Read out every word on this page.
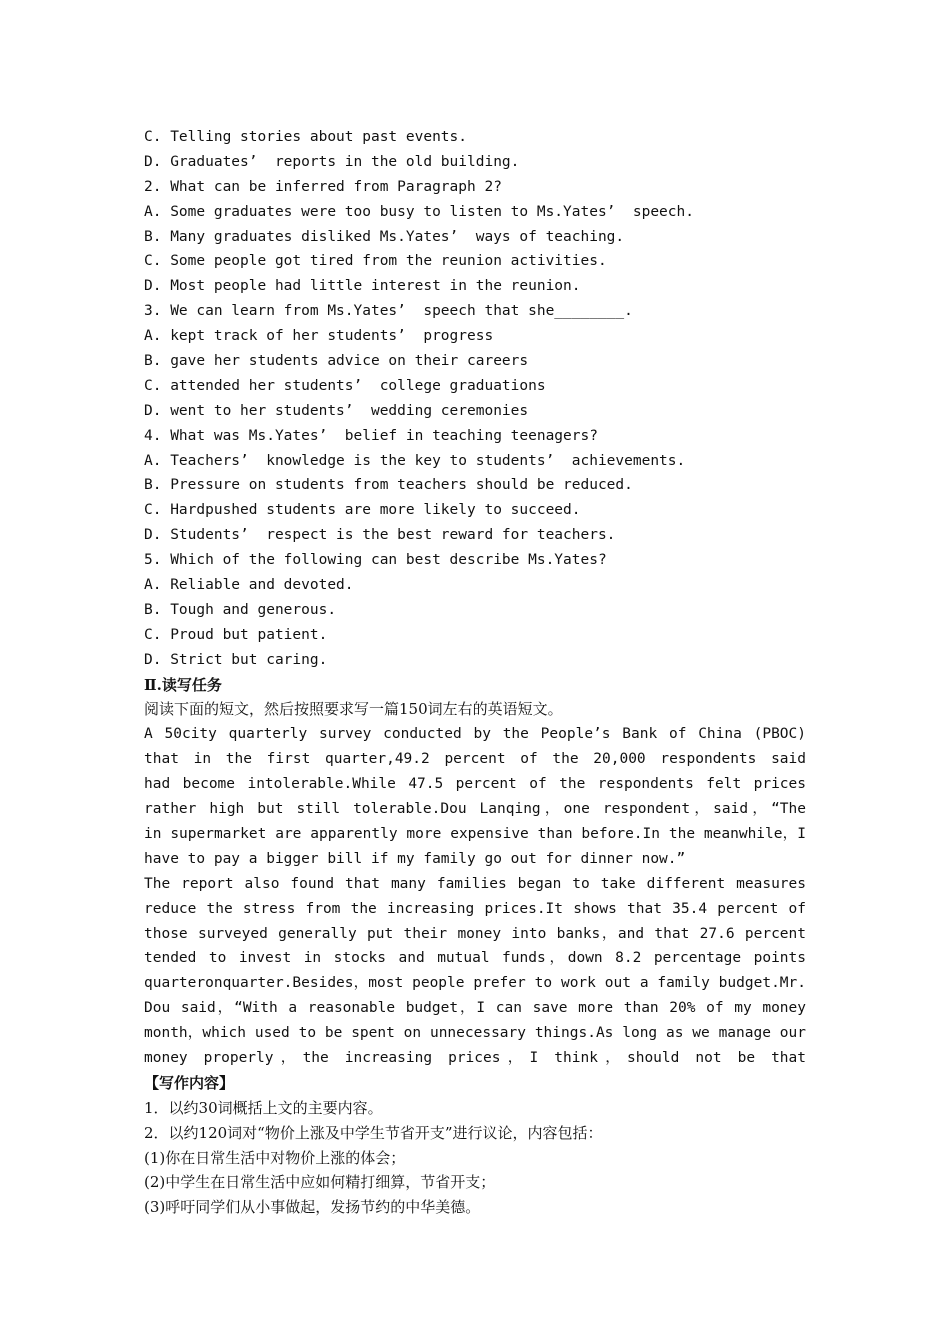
C. Telling stories about past events.
D. Graduates’  reports in the old building.
2. What can be inferred from Paragraph 2?
A. Some graduates were too busy to listen to Ms.Yates’  speech.
B. Many graduates disliked Ms.Yates’  ways of teaching.
C. Some people got tired from the reunion activities.
D. Most people had little interest in the reunion.
3. We can learn from Ms.Yates’  speech that she________.
A. kept track of her students’  progress
B. gave her students advice on their careers
C. attended her students’  college graduations
D. went to her students’  wedding ceremonies
4. What was Ms.Yates’  belief in teaching teenagers?
A. Teachers’  knowledge is the key to students’  achievements.
B. Pressure on students from teachers should be reduced.
C. Hardpushed students are more likely to succeed.
D. Students’  respect is the best reward for teachers.
5. Which of the following can best describe Ms.Yates?
A. Reliable and devoted.
B. Tough and generous.
C. Proud but patient.
D. Strict but caring.
Ⅱ.读写任务
阅读下面的短文，然后按照要求写一篇150词左右的英语短文。
A 50city quarterly survey conducted by the People’s Bank of China (PBOC)
that in the first quarter,49.2 percent of the 20,000 respondents said
had become intolerable.While 47.5 percent of the respondents felt prices
rather high but still tolerable.Dou Lanqing，one respondent，said，“The
in supermarket are apparently more expensive than before.In the meanwhile，I
have to pay a bigger bill if my family go out for dinner now.”
The report also found that many families began to take different measures
reduce the stress from the increasing prices.It shows that 35.4 percent of
those surveyed generally put their money into banks，and that 27.6 percent
tended to invest in stocks and mutual funds，down 8.2 percentage points
quarteronquarter.Besides，most people prefer to work out a family budget.Mr.
Dou said，“With a reasonable budget，I can save more than 20% of my money
month，which used to be spent on unnecessary things.As long as we manage our
money properly，the increasing prices，I think，should not be that
【写作内容】
1．以约30词概括上文的主要内容。
2．以约120词对“物价上涨及中学生节省开支”进行议论，内容包括：
(1)你在日常生活中对物价上涨的体会；
(2)中学生在日常生活中应如何精打细算，节省开支；
(3)呼吁同学们从小事做起，发扬节约的中华美德。
